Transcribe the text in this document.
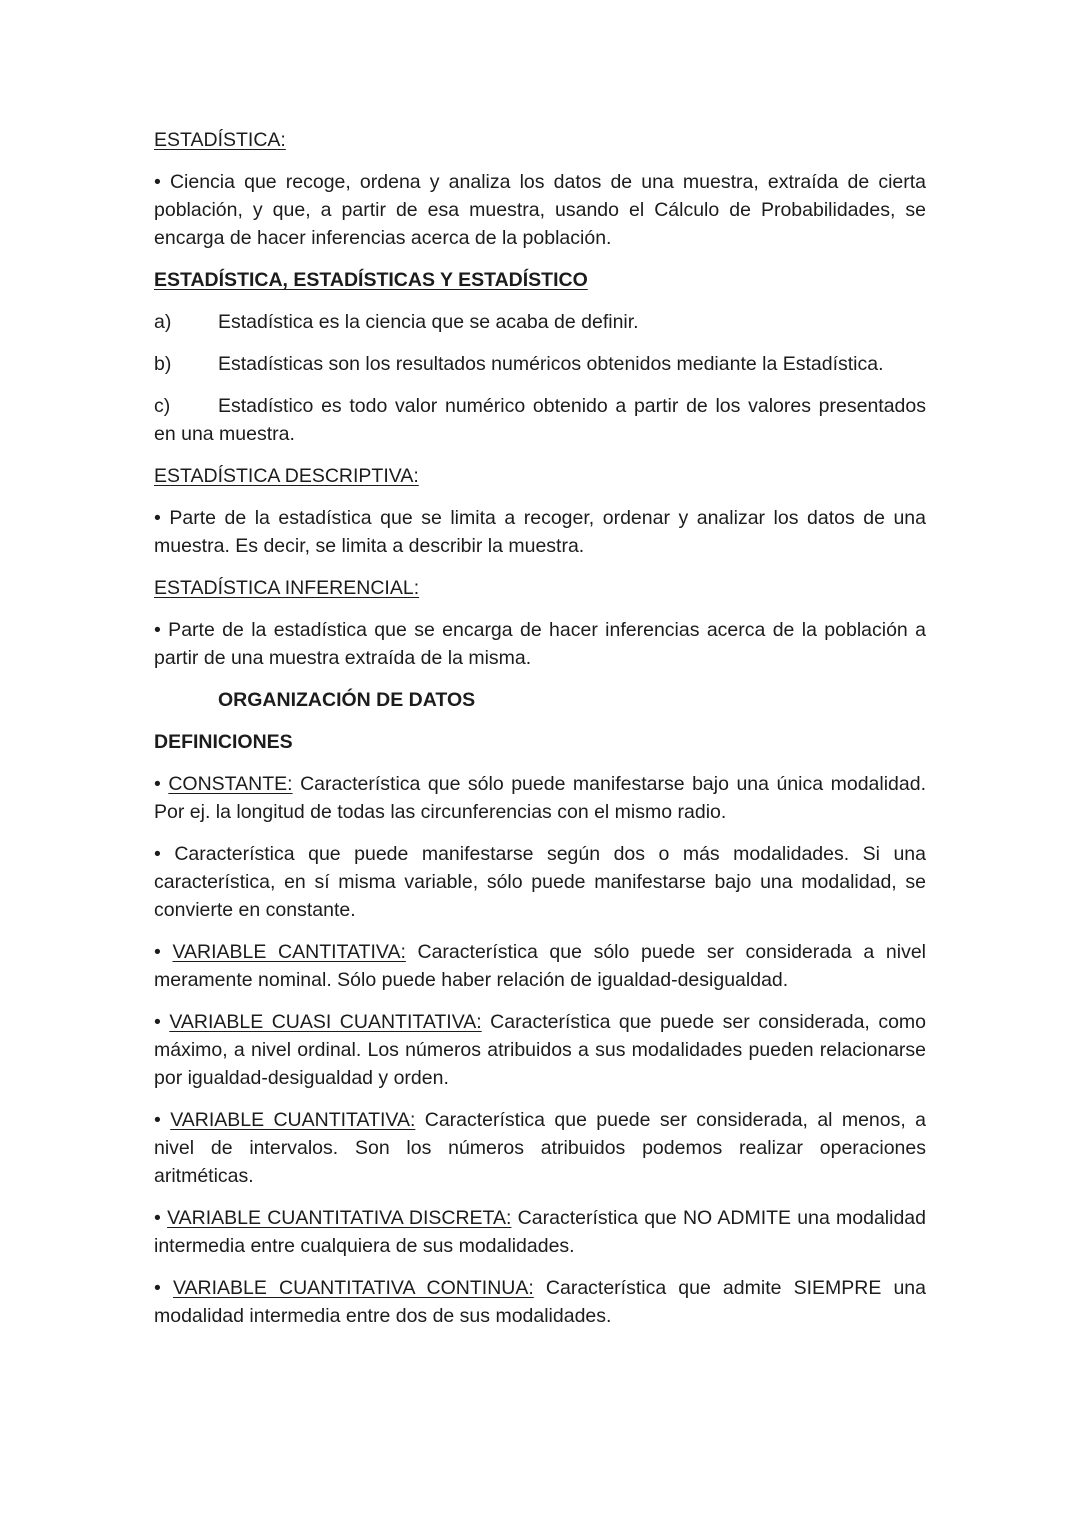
ESTADÍSTICA:

• Ciencia que recoge, ordena y analiza los datos de una muestra, extraída de cierta población, y que, a partir de esa muestra, usando el Cálculo de Probabilidades, se encarga de hacer inferencias acerca de la población.

ESTADÍSTICA, ESTADÍSTICAS Y ESTADÍSTICO
a) Estadística es la ciencia que se acaba de definir.
b) Estadísticas son los resultados numéricos obtenidos mediante la Estadística.
c) Estadístico es todo valor numérico obtenido a partir de los valores presentados en una muestra.
ESTADÍSTICA DESCRIPTIVA:

• Parte de la estadística que se limita a recoger, ordenar y analizar los datos de una muestra. Es decir, se limita a describir la muestra.

ESTADÍSTICA INFERENCIAL:

• Parte de la estadística que se encarga de hacer inferencias acerca de la población a partir de una muestra extraída de la misma.

ORGANIZACIÓN DE DATOS
DEFINICIONES

• CONSTANTE: Característica que sólo puede manifestarse bajo una única modalidad. Por ej. la longitud de todas las circunferencias con el mismo radio.

• Característica que puede manifestarse según dos o más modalidades. Si una característica, en sí misma variable, sólo puede manifestarse bajo una modalidad, se convierte en constante.

• VARIABLE CANTITATIVA: Característica que sólo puede ser considerada a nivel meramente nominal. Sólo puede haber relación de igualdad-desigualdad.

• VARIABLE CUASI CUANTITATIVA: Característica que puede ser considerada, como máximo, a nivel ordinal. Los números atribuidos a sus modalidades pueden relacionarse por igualdad-desigualdad y orden.

• VARIABLE CUANTITATIVA: Característica que puede ser considerada, al menos, a nivel de intervalos. Son los números atribuidos podemos realizar operaciones aritméticas.

• VARIABLE CUANTITATIVA DISCRETA: Característica que NO ADMITE una modalidad intermedia entre cualquiera de sus modalidades.

• VARIABLE CUANTITATIVA CONTINUA: Característica que admite SIEMPRE una modalidad intermedia entre dos de sus modalidades.
